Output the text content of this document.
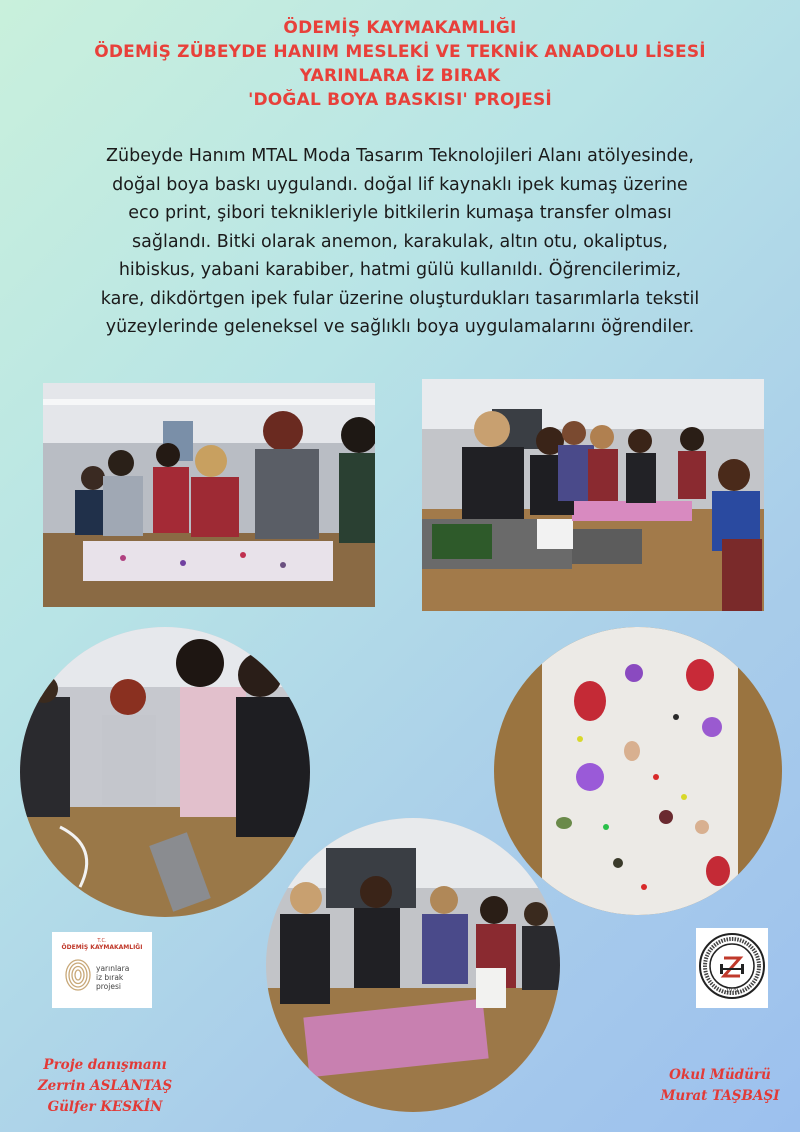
ÖDEMİŞ KAYMAKAMLIĞI
ÖDEMİŞ ZÜBEYDE HANIM MESLEKİ VE TEKNİK ANADOLU LİSESİ
YARINLARA İZ BIRAK
'DOĞAL BOYA BASKISI' PROJESİ
Zübeyde Hanım MTAL Moda Tasarım Teknolojileri Alanı atölyesinde,
doğal boya baskı uygulandı. doğal lif kaynaklı ipek kumaş üzerine
eco print, şibori teknikleriyle bitkilerin kumaşa transfer olması
sağlandı. Bitki olarak anemon, karakulak, altın otu, okaliptus,
hibiskus, yabani karabiber, hatmi gülü kullanıldı. Öğrencilerimiz,
kare, dikdörtgen ipek fular üzerine oluşturdukları tasarımlarla tekstil
yüzeylerinde geleneksel ve sağlıklı boya uygulamalarını öğrendiler.
T.C.
ÖDEMİŞ KAYMAKAMLIĞI
yarınlara
iz bırak
projesi	1979
Proje danışmanı
Zerrin ASLANTAŞ
Gülfer KESKİN
Okul Müdürü
Murat TAŞBAŞI
